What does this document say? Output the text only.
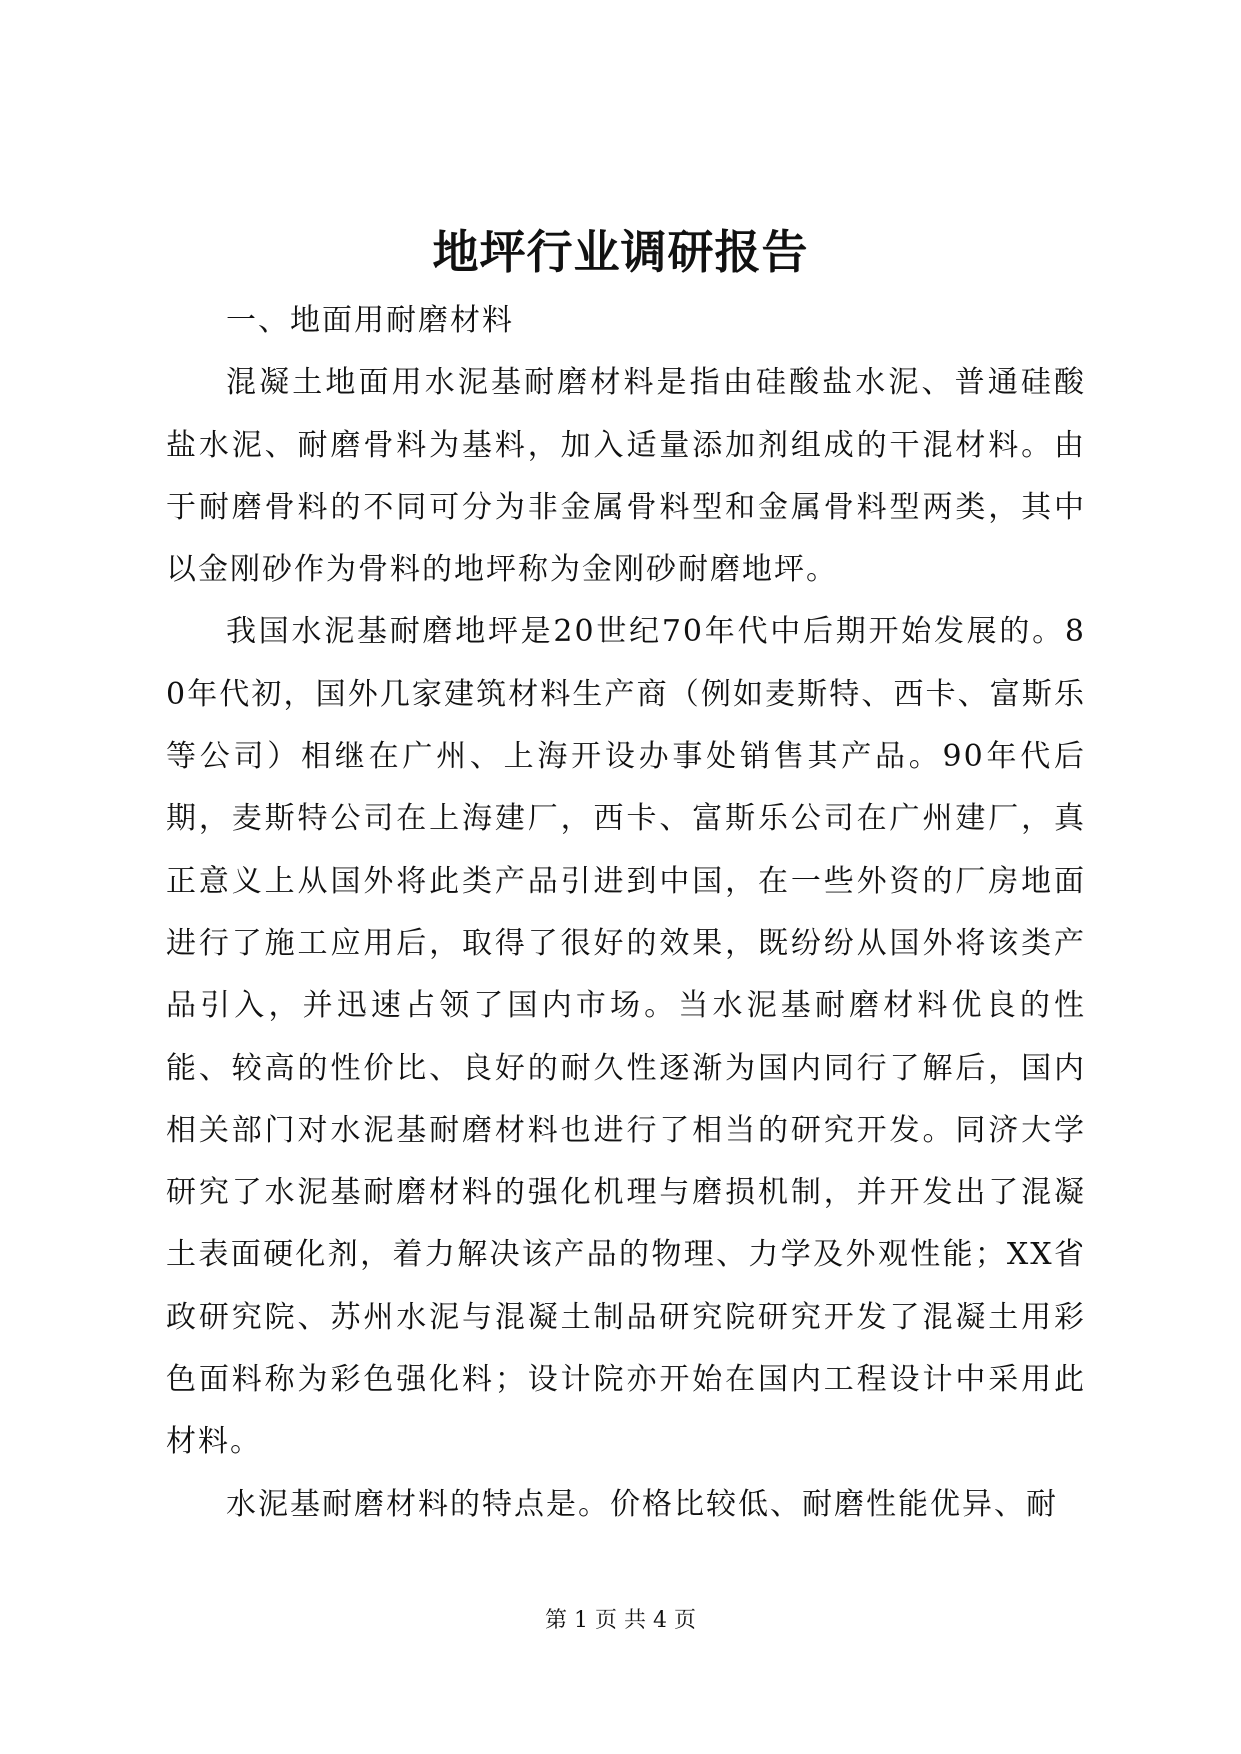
地坪行业调研报告

一、地面用耐磨材料

混凝土地面用水泥基耐磨材料是指由硅酸盐水泥、普通硅酸盐水泥、耐磨骨料为基料，加入适量添加剂组成的干混材料。由于耐磨骨料的不同可分为非金属骨料型和金属骨料型两类，其中以金刚砂作为骨料的地坪称为金刚砂耐磨地坪。

我国水泥基耐磨地坪是20世纪70年代中后期开始发展的。80年代初，国外几家建筑材料生产商（例如麦斯特、西卡、富斯乐等公司）相继在广州、上海开设办事处销售其产品。90年代后期，麦斯特公司在上海建厂，西卡、富斯乐公司在广州建厂，真正意义上从国外将此类产品引进到中国，在一些外资的厂房地面进行了施工应用后，取得了很好的效果，既纷纷从国外将该类产品引入，并迅速占领了国内市场。当水泥基耐磨材料优良的性能、较高的性价比、良好的耐久性逐渐为国内同行了解后，国内相关部门对水泥基耐磨材料也进行了相当的研究开发。同济大学研究了水泥基耐磨材料的强化机理与磨损机制，并开发出了混凝土表面硬化剂，着力解决该产品的物理、力学及外观性能；XX省政研究院、苏州水泥与混凝土制品研究院研究开发了混凝土用彩色面料称为彩色强化料；设计院亦开始在国内工程设计中采用此材料。

水泥基耐磨材料的特点是。价格比较低、耐磨性能优异、耐

第 1 页 共 4 页
